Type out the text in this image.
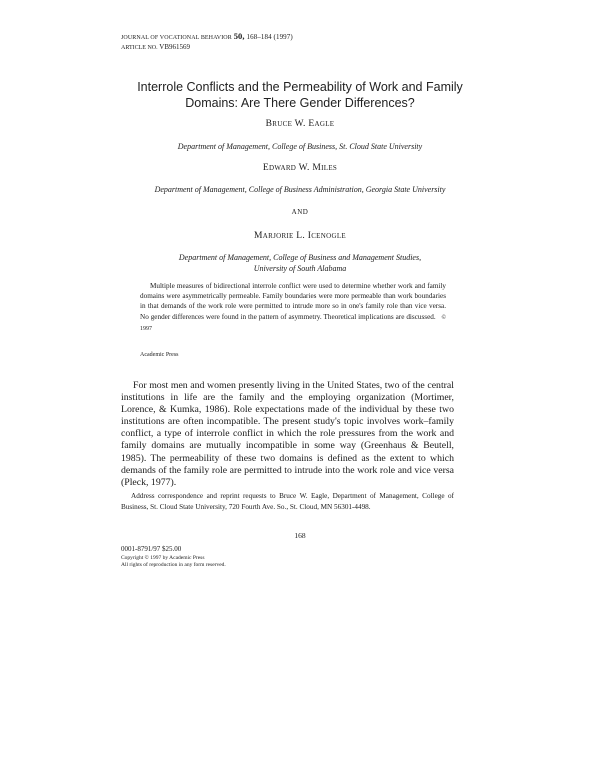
JOURNAL OF VOCATIONAL BEHAVIOR 50, 168–184 (1997)
ARTICLE NO. VB961569
Interrole Conflicts and the Permeability of Work and Family
Domains: Are There Gender Differences?
Bruce W. Eagle
Department of Management, College of Business, St. Cloud State University
Edward W. Miles
Department of Management, College of Business Administration, Georgia State University
AND
Marjorie L. Icenogle
Department of Management, College of Business and Management Studies,
University of South Alabama

Multiple measures of bidirectional interrole conflict were used to determine whether work and family domains were asymmetrically permeable. Family boundaries were more permeable than work boundaries in that demands of the work role were permitted to intrude more so in one's family role than vice versa. No gender differences were found in the pattern of asymmetry. Theoretical implications are discussed. © 1997

Academic Press

For most men and women presently living in the United States, two of the central institutions in life are the family and the employing organization (Mortimer, Lorence, & Kumka, 1986). Role expectations made of the individual by these two institutions are often incompatible. The present study's topic involves work–family conflict, a type of interrole conflict in which the role pressures from the work and family domains are mutually incompatible in some way (Greenhaus & Beutell, 1985). The permeability of these two domains is defined as the extent to which demands of the family role are permitted to intrude into the work role and vice versa (Pleck, 1977).

Address correspondence and reprint requests to Bruce W. Eagle, Department of Management, College of Business, St. Cloud State University, 720 Fourth Ave. So., St. Cloud, MN 56301-4498.

168
0001-8791/97 $25.00
Copyright © 1997 by Academic Press
All rights of reproduction in any form reserved.
